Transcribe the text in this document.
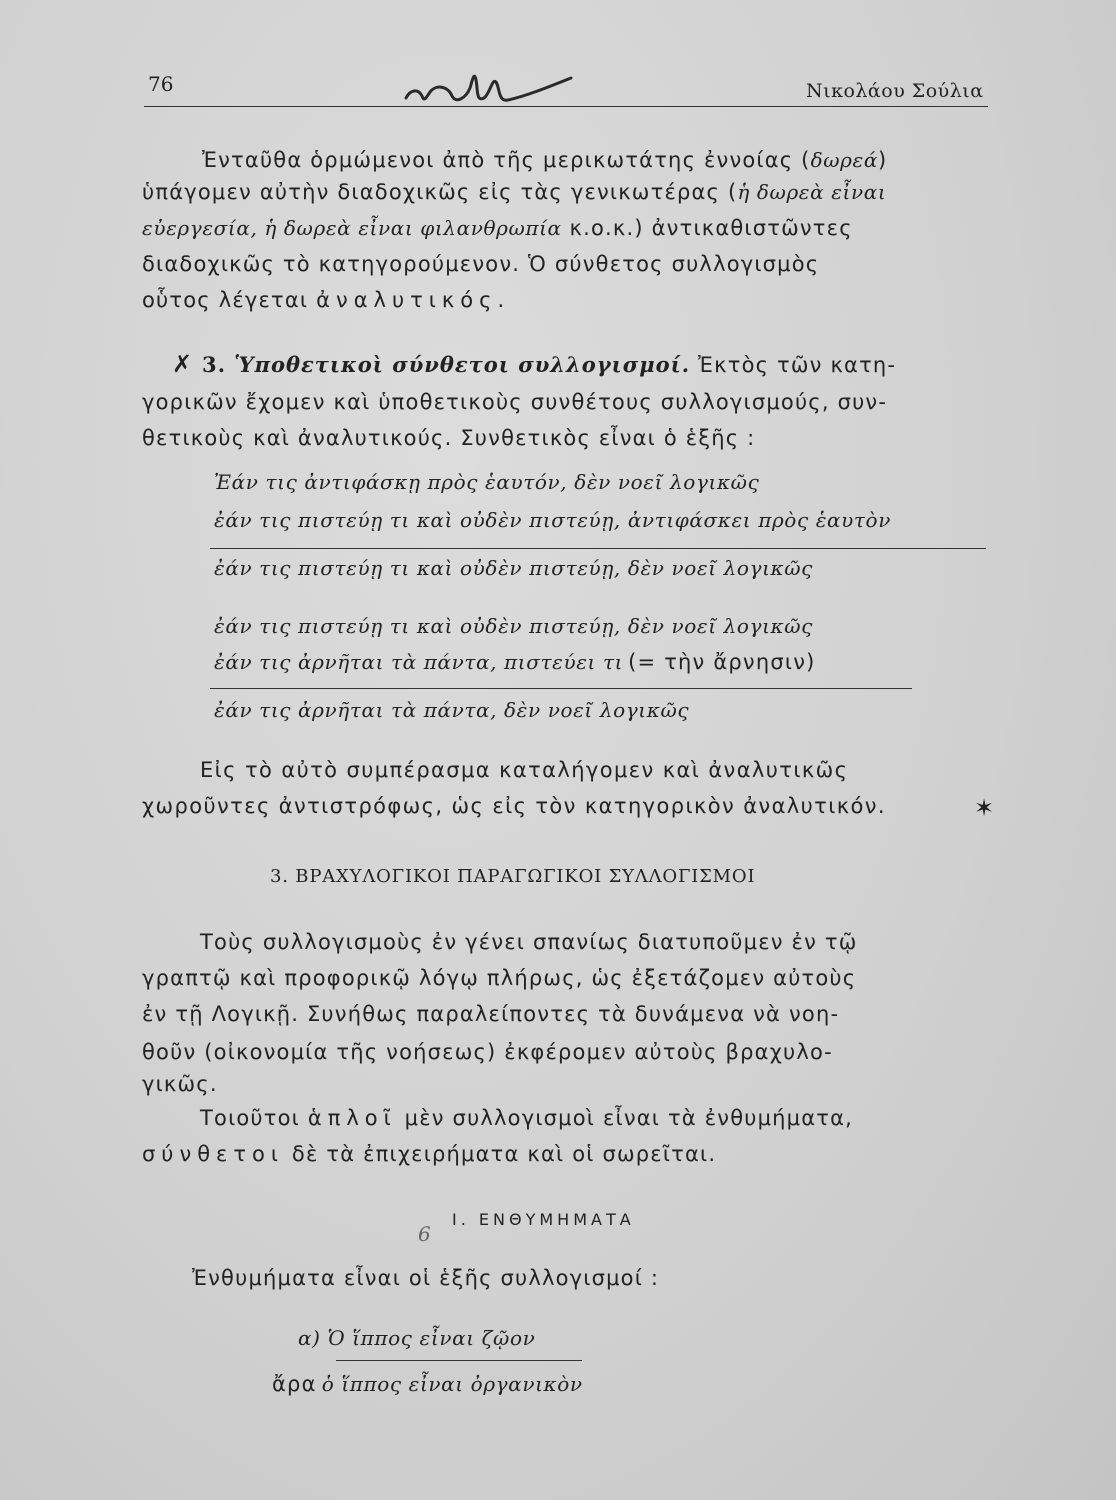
76	Νικολάου Σούλια
Ἐνταῦθα ὁρμώμενοι ἀπὸ τῆς μερικωτάτης ἐννοίας (δωρεά)
ὑπάγομεν αὐτὴν διαδοχικῶς εἰς τὰς γενικωτέρας (ἡ δωρεὰ εἶναι
εὐεργεσία, ἡ δωρεὰ εἶναι φιλανθρωπία κ.ο.κ.) ἀντικαθιστῶντες
διαδοχικῶς τὸ κατηγορούμενον. Ὁ σύνθετος συλλογισμὸς
οὗτος λέγεται ἀναλυτικός.
✗ 3. Ὑποθετικοὶ σύνθετοι συλλογισμοί. Ἐκτὸς τῶν κατη-
γορικῶν ἔχομεν καὶ ὑποθετικοὺς συνθέτους συλλογισμούς, συν-
θετικοὺς καὶ ἀναλυτικούς. Συνθετικὸς εἶναι ὁ ἑξῆς :
Ἐάν τις ἀντιφάσκῃ πρὸς ἑαυτόν, δὲν νοεῖ λογικῶς
ἐάν τις πιστεύῃ τι καὶ οὐδὲν πιστεύῃ, ἀντιφάσκει πρὸς ἑαυτὸν
ἐάν τις πιστεύῃ τι καὶ οὐδὲν πιστεύῃ, δὲν νοεῖ λογικῶς
ἐάν τις πιστεύῃ τι καὶ οὐδὲν πιστεύῃ, δὲν νοεῖ λογικῶς
ἐάν τις ἀρνῆται τὰ πάντα, πιστεύει τι (= τὴν ἄρνησιν)
ἐάν τις ἀρνῆται τὰ πάντα, δὲν νοεῖ λογικῶς
Εἰς τὸ αὐτὸ συμπέρασμα καταλήγομεν καὶ ἀναλυτικῶς
χωροῦντες ἀντιστρόφως, ὡς εἰς τὸν κατηγορικὸν ἀναλυτικόν.	✶
3. ΒΡΑΧΥΛΟΓΙΚΟΙ ΠΑΡΑΓΩΓΙΚΟΙ ΣΥΛΛΟΓΙΣΜΟΙ
Τοὺς συλλογισμοὺς ἐν γένει σπανίως διατυποῦμεν ἐν τῷ
γραπτῷ καὶ προφορικῷ λόγῳ πλήρως, ὡς ἐξετάζομεν αὐτοὺς
ἐν τῇ Λογικῇ. Συνήθως παραλείποντες τὰ δυνάμενα νὰ νοη-
θοῦν (οἰκονομία τῆς νοήσεως) ἐκφέρομεν αὐτοὺς βραχυλο-
γικῶς.
Τοιοῦτοι ἁπλοῖ μὲν συλλογισμοὶ εἶναι τὰ ἐνθυμήματα,
σύνθετοι δὲ τὰ ἐπιχειρήματα καὶ οἱ σωρεῖται.
6
Ι. ΕΝΘΥΜΗΜΑΤΑ
Ἐνθυμήματα εἶναι οἱ ἑξῆς συλλογισμοί :
α) Ὁ ἵππος εἶναι ζῷον
ἄρα ὁ ἵππος εἶναι ὀργανικὸν
